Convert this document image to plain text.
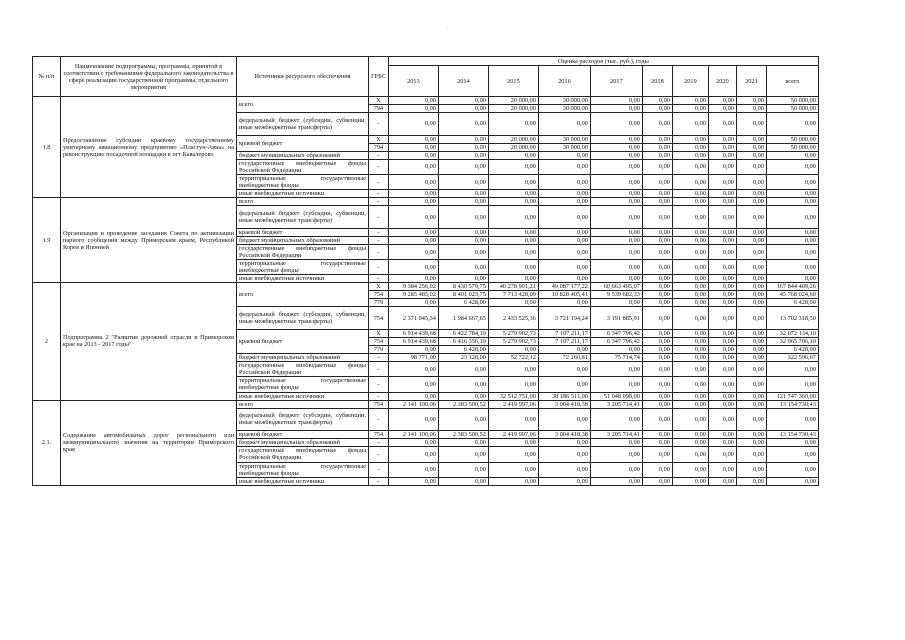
·
№ п/п	Наименование подпрограммы, программы, принятой в соответствии с требованиями федерального законодательства в сфере реализации государственной программы, отдельного мероприятия	Источники ресурсного обеспечения	ГРБС	Оценка расходов (тыс. руб.), годы									
				2013	2014	2015	2016	2017	2018	2019	2020	2021	всего
1.8	Предоставление субсидии краевому государственному унитарному авиационному предприятию «Пластун-Авиа» на реконструкцию посадочной площадки в пгт Кавалерово	всего	X	0,00	0,00	20 000,00	30 000,00	0,00	0,00	0,00	0,00	0,00	50 000,00
			794	0,00	0,00	20 000,00	30 000,00	0,00	0,00	0,00	0,00	0,00	50 000,00
		федеральный бюджет (субсидии, субвенции, иные межбюджетные трансферты)	-	0,00	0,00	0,00	0,00	0,00	0,00	0,00	0,00	0,00	0,00
		краевой бюджет	X	0,00	0,00	20 000,00	30 000,00	0,00	0,00	0,00	0,00	0,00	50 000,00
			794	0,00	0,00	20 000,00	30 000,00	0,00	0,00	0,00	0,00	0,00	50 000,00
		бюджет муниципальных образований	-	0,00	0,00	0,00	0,00	0,00	0,00	0,00	0,00	0,00	0,00
		государственные внебюджетные фонды Российской Федерации	-	0,00	0,00	0,00	0,00	0,00	0,00	0,00	0,00	0,00	0,00
		территориальные государственные внебюджетные фонды	-	0,00	0,00	0,00	0,00	0,00	0,00	0,00	0,00	0,00	0,00
		иные внебюджетные источники	-	0,00	0,00	0,00	0,00	0,00	0,00	0,00	0,00	0,00	0,00
1.9	Организация и проведение заседания Совета по активизации парного сообщения между Приморским краем, Республикой Корея и Японией	всего	-	0,00	0,00	0,00	0,00	0,00	0,00	0,00	0,00	0,00	0,00
		федеральный бюджет (субсидии, субвенции, иные межбюджетные трансферты)	-	0,00	0,00	0,00	0,00	0,00	0,00	0,00	0,00	0,00	0,00
		краевой бюджет	-	0,00	0,00	0,00	0,00	0,00	0,00	0,00	0,00	0,00	0,00
		бюджет муниципальных образований	-	0,00	0,00	0,00	0,00	0,00	0,00	0,00	0,00	0,00	0,00
		государственные внебюджетные фонды Российской Федерации	-	0,00	0,00	0,00	0,00	0,00	0,00	0,00	0,00	0,00	0,00
		территориальные государственные внебюджетные фонды	-	0,00	0,00	0,00	0,00	0,00	0,00	0,00	0,00	0,00	0,00
		иные внебюджетные источники	-	0,00	0,00	0,00	0,00	0,00	0,00	0,00	0,00	0,00	0,00
2	Подпрограмма 2 "Развитие дорожной отрасли в Приморском крае на 2013 - 2017 годы"	всего	X	9 384 256,02	8 430 579,75	40 278 901,21	49 087 177,22	60 663 495,07	0,00	0,00	0,00	0,00	167 844 409,26
			754	9 285 485,02	8 401 023,75	7 713 428,09	10 828 405,41	9 539 682,33	0,00	0,00	0,00	0,00	45 768 024,60
			779	0,00	6 428,00	0,00	0,00	0,00	0,00	0,00	0,00	0,00	6 428,00
		федеральный бюджет (субсидии, субвенции, иные межбюджетные трансферты)	754	2 371 045,34	1 984 667,65	2 433 525,36	3 721 194,24	3 191 885,91	0,00	0,00	0,00	0,00	13 702 318,50
		краевой бюджет	X	6 914 439,68	6 422 784,10	5 279 902,73	7 107 211,17	6 347 796,42	0,00	0,00	0,00	0,00	32 072 134,10
			754	6 914 439,68	6 416 356,10	5 279 902,73	7 107 211,17	6 347 796,42	0,00	0,00	0,00	0,00	32 065 706,10
			779	0,00	6 428,00	0,00	0,00	0,00	0,00	0,00	0,00	0,00	6 428,00
		бюджет муниципальных образований	-	98 771,00	23 128,00	52 722,12	72 260,81	75 714,74	0,00	0,00	0,00	0,00	322 596,67
		государственные внебюджетные фонды Российской Федерации	-	0,00	0,00	0,00	0,00	0,00	0,00	0,00	0,00	0,00	0,00
		территориальные государственные внебюджетные фонды	-	0,00	0,00	0,00	0,00	0,00	0,00	0,00	0,00	0,00	0,00
		иные внебюджетные источники	-	0,00	0,00	32 512 751,00	38 186 511,00	51 048 098,00	0,00	0,00	0,00	0,00	121 747 360,00
2.1.	Содержание автомобильных дорог регионального или межмуниципального значения на территории Приморского края	всего	754	2 141 100,06	2 383 500,52	2 419 997,06	3 004 418,38	3 205 714,41	0,00	0,00	0,00	0,00	13 154 730,43
		федеральный бюджет (субсидии, субвенции, иные межбюджетные трансферты)	-	0,00	0,00	0,00	0,00	0,00	0,00	0,00	0,00	0,00	0,00
		краевой бюджет	754	2 141 100,06	2 383 500,52	2 419 997,06	3 004 418,38	3 205 714,41	0,00	0,00	0,00	0,00	13 154 730,43
		бюджет муниципальных образований	-	0,00	0,00	0,00	0,00	0,00	0,00	0,00	0,00	0,00	0,00
		государственные внебюджетные фонды Российской Федерации	-	0,00	0,00	0,00	0,00	0,00	0,00	0,00	0,00	0,00	0,00
		территориальные государственные внебюджетные фонды	-	0,00	0,00	0,00	0,00	0,00	0,00	0,00	0,00	0,00	0,00
		иные внебюджетные источники	-	0,00	0,00	0,00	0,00	0,00	0,00	0,00	0,00	0,00	0,00
